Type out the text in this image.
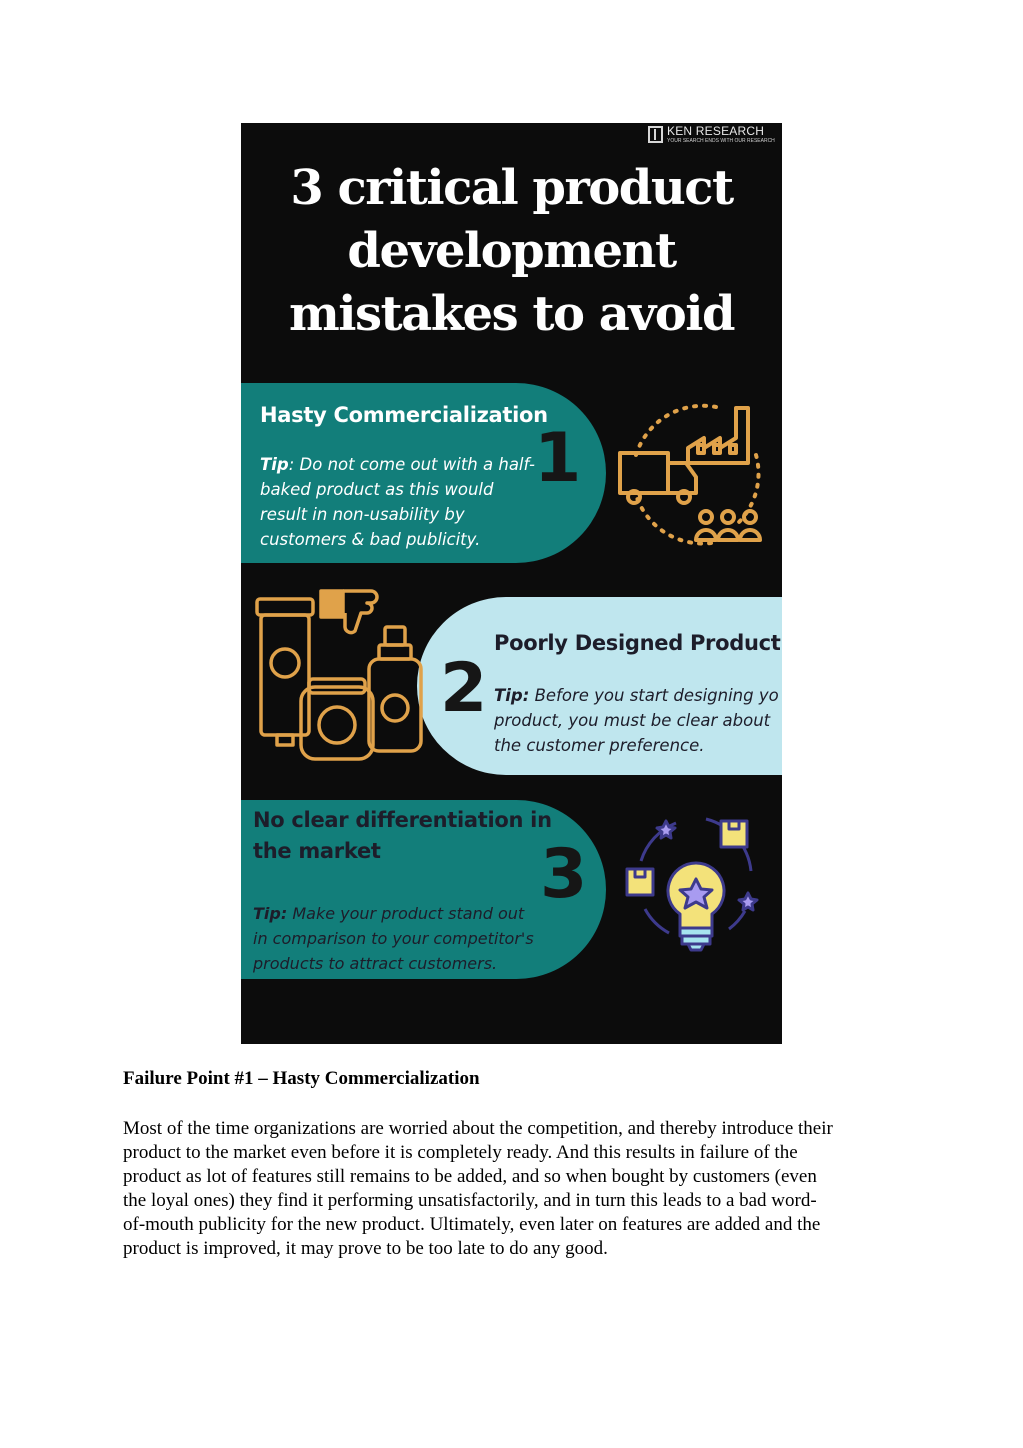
KEN RESEARCH
YOUR SEARCH ENDS WITH OUR RESEARCH
3 critical product
development
mistakes to avoid

Hasty Commercialization

Tip: Do not come out with a half-
baked product as this would
result in non-usability by
customers & bad publicity.

1

Poorly Designed Product

Tip: Before you start designing yo
product, you must be clear about
the customer preference.

2

No clear differentiation in
the market

Tip: Make your product stand out
in comparison to your competitor's
products to attract customers.

3

Failure Point #1 – Hasty Commercialization

Most of the time organizations are worried about the competition, and thereby introduce their
product to the market even before it is completely ready. And this results in failure of the
product as lot of features still remains to be added, and so when bought by customers (even
the loyal ones) they find it performing unsatisfactorily, and in turn this leads to a bad word-
of-mouth publicity for the new product. Ultimately, even later on features are added and the
product is improved, it may prove to be too late to do any good.
